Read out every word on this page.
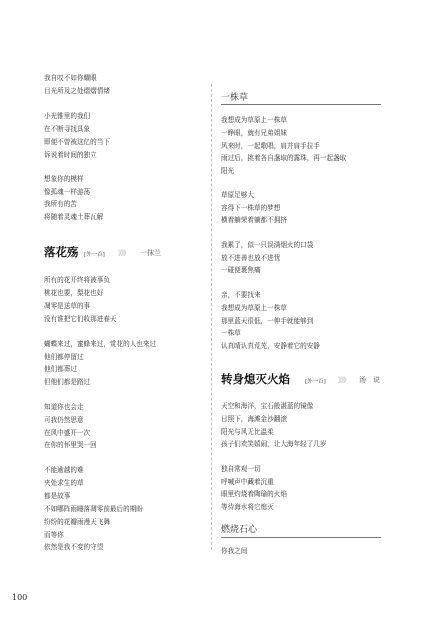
我自叹不如你耀眼
目光所及之处熠熠情绪
小光锥里的我们
在不断寻找具象
即便不曾被这亿的当下
诉说着时间的独立
想象你的模样
像孤魂一样游荡
我所有的苦
将随着灵魂土葬瓦解
落花殇 [外一首] 》》》 一抹兰
所有的花开终将被事负
桃花也要，梨花也好
凋零是送草的事
没有谁把它们收那进春天
蝴蝶来过，蜜蜂来过，赏花的人也来过
他们都停留过
他们都葬过
但他们都是路过
知道你也会走
可我仍然思意
在风中盛开一次
在你的怀里哭一回
不能逾越的难
夹处求生的草
都是故事
不如哪阵雨睡落凋零前最后的期盼
纷纷的花瓣雨漫天飞舞
而等你
依然是我不变的守望
一株草
我想成为草原上一株草
一睁眼，就有兄弟姐妹
风来时，一起歌唱，肩并肩手拉手
雨过后，挑着各自盏取的露珠，再一起盏取
阳光
草原足够大
容得下一株草的梦想
横着躺荣着躺都不拥挤
我累了，似一只误满烟火的口袋
放不进善也放不进忧
一碰便裹焦痛
亲，不要找来
我想成为草原上一株草
那里蓝天很低，一伸手就能够到
一株草
认真晴认真荒芜，安静着它的安静
转身熄灭火焰	[外一首] 》》》 汤　说
天空和海洋，宝石般湛蓝的镜像
日照下，海滩金沙翻滚
阳光与风无比温柔
孩子们欢笑嬉闹，让大海年轻了几岁
独自常观一切
呼喊声中藏着沉重
眼里灼烧着陶瑜的火焰
等待海水将它熄灭
燃烧石心
你我之间
100
